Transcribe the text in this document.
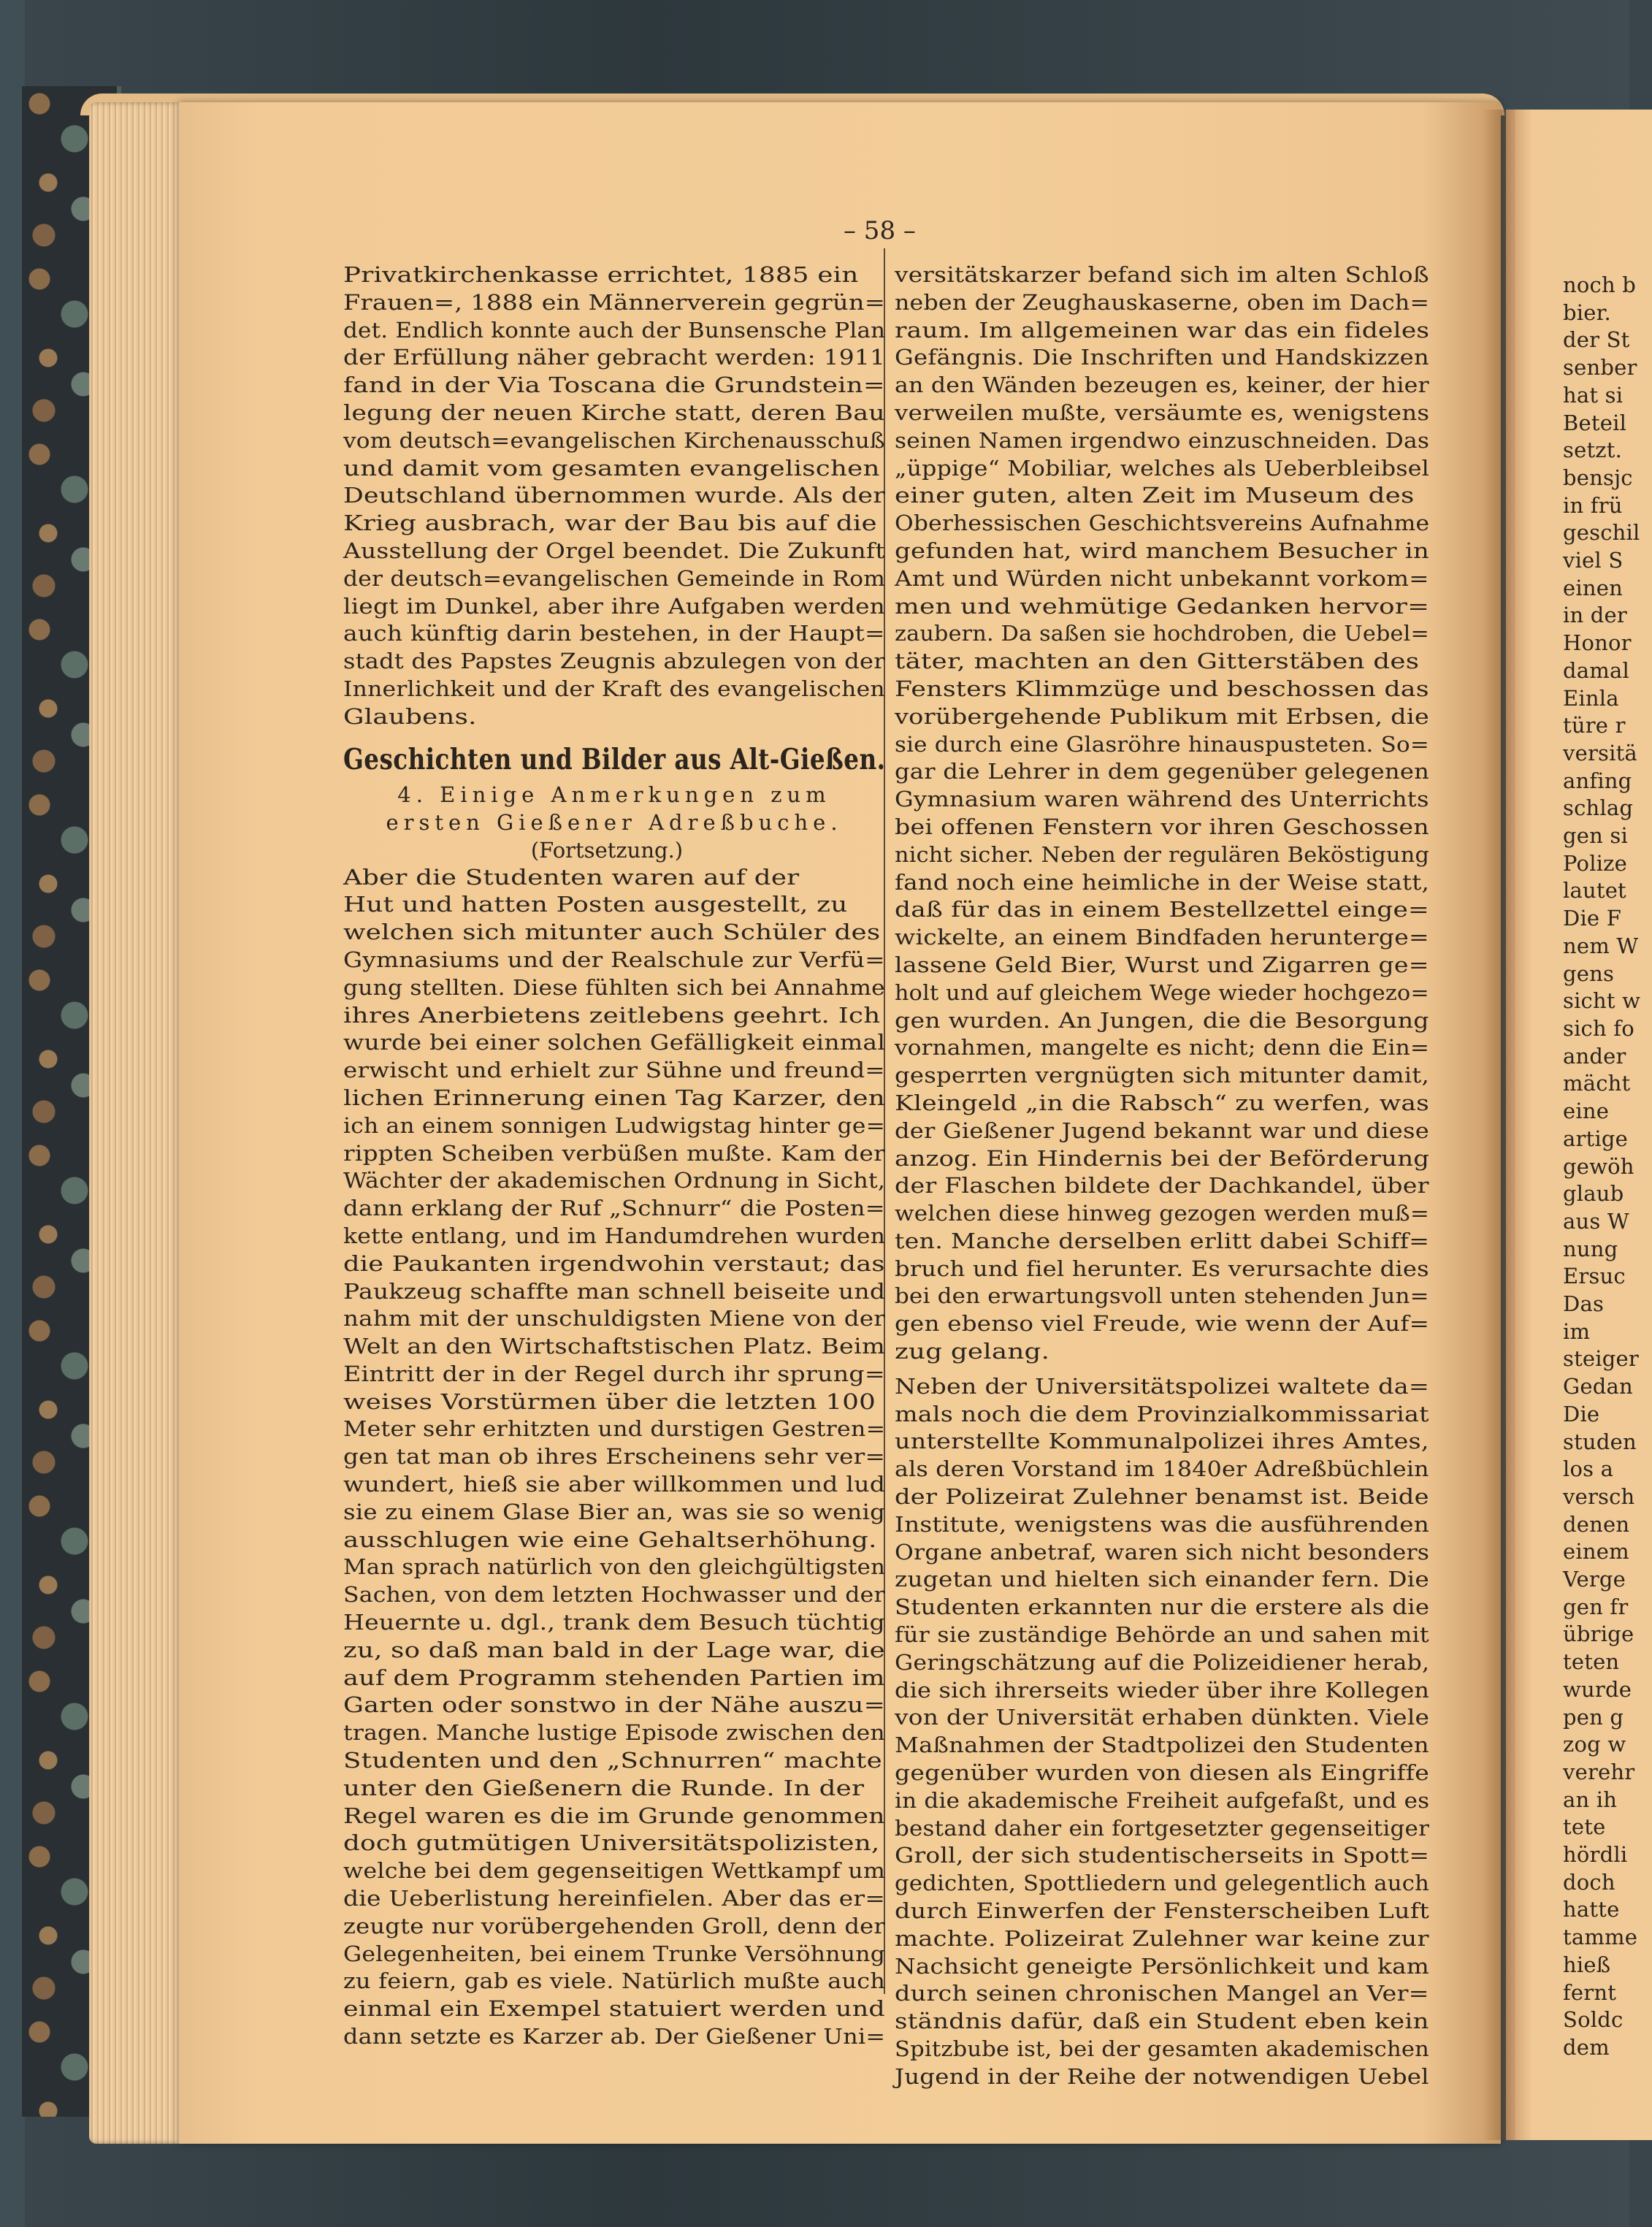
– 58 –
Privatkirchenkasse errichtet, 1885 ein
Frauen=, 1888 ein Männerverein gegrün=
det. Endlich konnte auch der Bunsensche Plan
der Erfüllung näher gebracht werden: 1911
fand in der Via Toscana die Grundstein=
legung der neuen Kirche statt, deren Bau
vom deutsch=evangelischen Kirchenausschuß
und damit vom gesamten evangelischen
Deutschland übernommen wurde. Als der
Krieg ausbrach, war der Bau bis auf die
Ausstellung der Orgel beendet. Die Zukunft
der deutsch=evangelischen Gemeinde in Rom
liegt im Dunkel, aber ihre Aufgaben werden
auch künftig darin bestehen, in der Haupt=
stadt des Papstes Zeugnis abzulegen von der
Innerlichkeit und der Kraft des evangelischen
Glaubens.
Geschichten und Bilder aus Alt-Gießen.
4. Einige Anmerkungen zum
ersten Gießener Adreßbuche.
(Fortsetzung.)
Aber die Studenten waren auf der
Hut und hatten Posten ausgestellt, zu
welchen sich mitunter auch Schüler des
Gymnasiums und der Realschule zur Verfü=
gung stellten. Diese fühlten sich bei Annahme
ihres Anerbietens zeitlebens geehrt. Ich
wurde bei einer solchen Gefälligkeit einmal
erwischt und erhielt zur Sühne und freund=
lichen Erinnerung einen Tag Karzer, den
ich an einem sonnigen Ludwigstag hinter ge=
rippten Scheiben verbüßen mußte. Kam der
Wächter der akademischen Ordnung in Sicht,
dann erklang der Ruf „Schnurr“ die Posten=
kette entlang, und im Handumdrehen wurden
die Paukanten irgendwohin verstaut; das
Paukzeug schaffte man schnell beiseite und
nahm mit der unschuldigsten Miene von der
Welt an den Wirtschaftstischen Platz. Beim
Eintritt der in der Regel durch ihr sprung=
weises Vorstürmen über die letzten 100
Meter sehr erhitzten und durstigen Gestren=
gen tat man ob ihres Erscheinens sehr ver=
wundert, hieß sie aber willkommen und lud
sie zu einem Glase Bier an, was sie so wenig
ausschlugen wie eine Gehaltserhöhung.
Man sprach natürlich von den gleichgültigsten
Sachen, von dem letzten Hochwasser und der
Heuernte u. dgl., trank dem Besuch tüchtig
zu, so daß man bald in der Lage war, die
auf dem Programm stehenden Partien im
Garten oder sonstwo in der Nähe auszu=
tragen. Manche lustige Episode zwischen den
Studenten und den „Schnurren“ machte
unter den Gießenern die Runde. In der
Regel waren es die im Grunde genommen
doch gutmütigen Universitätspolizisten,
welche bei dem gegenseitigen Wettkampf um
die Ueberlistung hereinfielen. Aber das er=
zeugte nur vorübergehenden Groll, denn der
Gelegenheiten, bei einem Trunke Versöhnung
zu feiern, gab es viele. Natürlich mußte auch
einmal ein Exempel statuiert werden und
dann setzte es Karzer ab. Der Gießener Uni=
versitätskarzer befand sich im alten Schloß
neben der Zeughauskaserne, oben im Dach=
raum. Im allgemeinen war das ein fideles
Gefängnis. Die Inschriften und Handskizzen
an den Wänden bezeugen es, keiner, der hier
verweilen mußte, versäumte es, wenigstens
seinen Namen irgendwo einzuschneiden. Das
„üppige“ Mobiliar, welches als Ueberbleibsel
einer guten, alten Zeit im Museum des
Oberhessischen Geschichtsvereins Aufnahme
gefunden hat, wird manchem Besucher in
Amt und Würden nicht unbekannt vorkom=
men und wehmütige Gedanken hervor=
zaubern. Da saßen sie hochdroben, die Uebel=
täter, machten an den Gitterstäben des
Fensters Klimmzüge und beschossen das
vorübergehende Publikum mit Erbsen, die
sie durch eine Glasröhre hinauspusteten. So=
gar die Lehrer in dem gegenüber gelegenen
Gymnasium waren während des Unterrichts
bei offenen Fenstern vor ihren Geschossen
nicht sicher. Neben der regulären Beköstigung
fand noch eine heimliche in der Weise statt,
daß für das in einem Bestellzettel einge=
wickelte, an einem Bindfaden herunterge=
lassene Geld Bier, Wurst und Zigarren ge=
holt und auf gleichem Wege wieder hochgezo=
gen wurden. An Jungen, die die Besorgung
vornahmen, mangelte es nicht; denn die Ein=
gesperrten vergnügten sich mitunter damit,
Kleingeld „in die Rabsch“ zu werfen, was
der Gießener Jugend bekannt war und diese
anzog. Ein Hindernis bei der Beförderung
der Flaschen bildete der Dachkandel, über
welchen diese hinweg gezogen werden muß=
ten. Manche derselben erlitt dabei Schiff=
bruch und fiel herunter. Es verursachte dies
bei den erwartungsvoll unten stehenden Jun=
gen ebenso viel Freude, wie wenn der Auf=
zug gelang.
Neben der Universitätspolizei waltete da=
mals noch die dem Provinzialkommissariat
unterstellte Kommunalpolizei ihres Amtes,
als deren Vorstand im 1840er Adreßbüchlein
der Polizeirat Zulehner benamst ist. Beide
Institute, wenigstens was die ausführenden
Organe anbetraf, waren sich nicht besonders
zugetan und hielten sich einander fern. Die
Studenten erkannten nur die erstere als die
für sie zuständige Behörde an und sahen mit
Geringschätzung auf die Polizeidiener herab,
die sich ihrerseits wieder über ihre Kollegen
von der Universität erhaben dünkten. Viele
Maßnahmen der Stadtpolizei den Studenten
gegenüber wurden von diesen als Eingriffe
in die akademische Freiheit aufgefaßt, und es
bestand daher ein fortgesetzter gegenseitiger
Groll, der sich studentischerseits in Spott=
gedichten, Spottliedern und gelegentlich auch
durch Einwerfen der Fensterscheiben Luft
machte. Polizeirat Zulehner war keine zur
Nachsicht geneigte Persönlichkeit und kam
durch seinen chronischen Mangel an Ver=
ständnis dafür, daß ein Student eben kein
Spitzbube ist, bei der gesamten akademischen
Jugend in der Reihe der notwendigen Uebel
noch b
bier.
der St
senber
hat si
Beteil
setzt.
bensjc
in frü
geschil
viel S
einen
in der
Honor
damal
Einla
türe r
versitä
anfing
schlag
gen si
Polize
lautet
Die F
nem W
gens
sicht w
sich fo
ander
mächt
eine
artige
gewöh
glaub
aus W
nung
Ersuc
Das
im
steiger
Gedan
Die
studen
los a
versch
denen
einem
Verge
gen fr
übrige
teten
wurde
pen g
zog w
verehr
an ih
tete
hördli
doch
hatte
tamme
hieß
fernt
Soldc
dem
